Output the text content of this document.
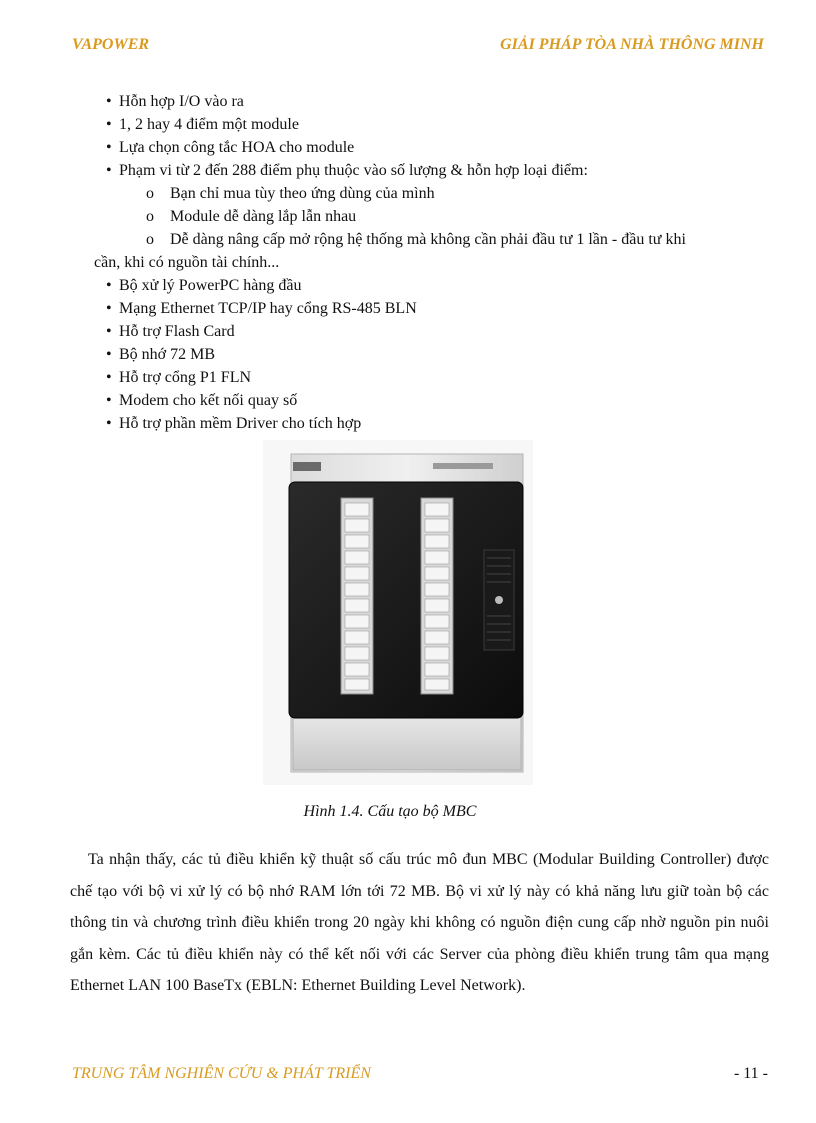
VAPOWER	GIẢI PHÁP TÒA NHÀ THÔNG MINH
• Hỗn hợp I/O vào ra
• 1, 2 hay 4 điểm một module
• Lựa chọn công tắc HOA cho module
• Phạm vi từ 2 đến 288 điểm phụ thuộc vào số lượng & hỗn hợp loại điểm:
o Bạn chỉ mua tùy theo ứng dùng của mình
o Module dễ dàng lắp lẫn nhau
o Dễ dàng nâng cấp mở rộng hệ thống mà không cần phải đầu tư 1 lần - đầu tư khi
cần, khi có nguồn tài chính...
• Bộ xử lý PowerPC hàng đầu
• Mạng Ethernet TCP/IP hay cổng RS-485 BLN
• Hỗ trợ Flash Card
• Bộ nhớ 72 MB
• Hỗ trợ cổng P1 FLN
• Modem cho kết nối quay số
• Hỗ trợ phần mềm Driver cho tích hợp
Hình 1.4. Cấu tạo bộ MBC
Ta nhận thấy, các tủ điều khiển kỹ thuật số cấu trúc mô đun MBC (Modular Building Controller) được chế tạo với bộ vi xử lý có bộ nhớ RAM lớn tới 72 MB. Bộ vi xử lý này có khả năng lưu giữ toàn bộ các thông tin và chương trình điều khiển trong 20 ngày khi không có nguồn điện cung cấp nhờ nguồn pin nuôi gắn kèm. Các tủ điều khiển này có thể kết nối với các Server của phòng điều khiển trung tâm qua mạng Ethernet LAN 100 BaseTx (EBLN: Ethernet Building Level Network).
TRUNG TÂM NGHIÊN CỨU & PHÁT TRIỂN	- 11 -
